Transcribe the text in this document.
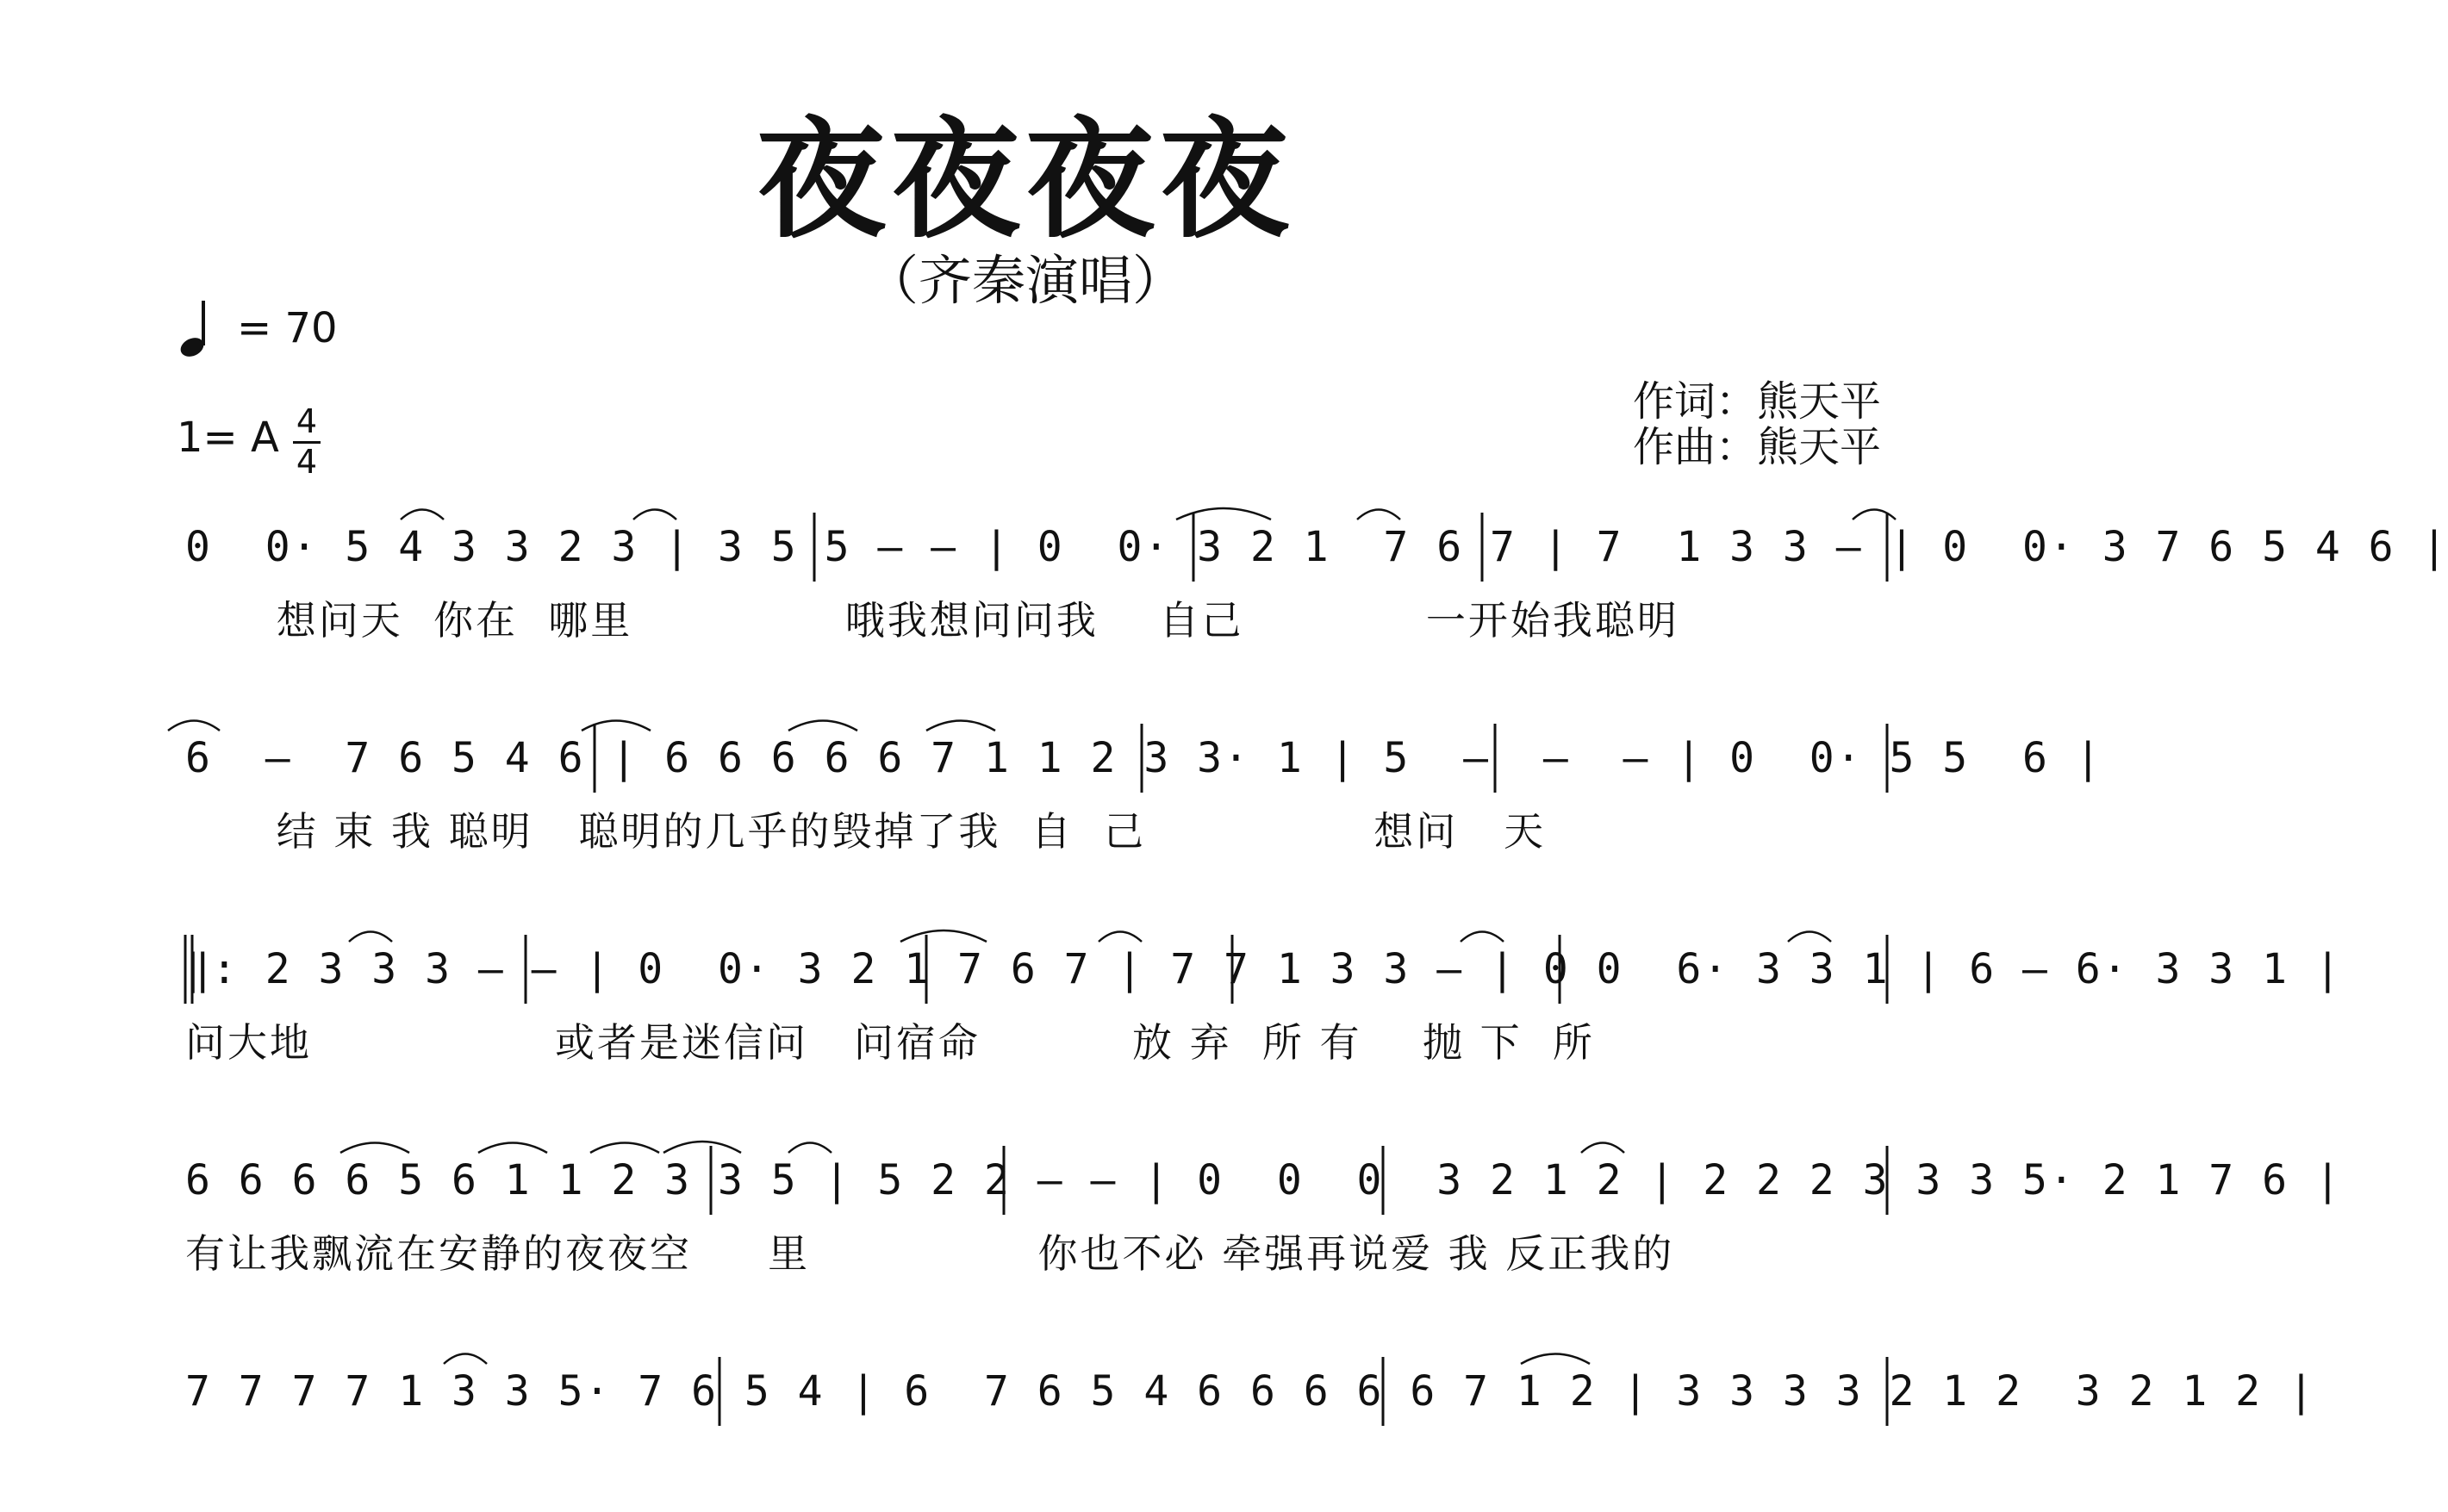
夜夜夜夜
（齐秦演唱）
= 70
1= A 4
4
作词：熊天平
作曲：熊天平
0  0· 5 4 3 3 2 3 | 3 5 5 – – | 0  0· 3 2 1  7 6 7 | 7  1 3 3 – | 0  0· 3 7 6 5 4 6 |
想问天  你在  哪里              哦我想问问我    自己            一开始我聪明
6  –  7 6 5 4 6 | 6 6 6 6 6 7 1 1 2 3 3· 1 | 5  –  –  – | 0  0· 5 5  6 |
结 束 我 聪明   聪明的几乎的毁掉了我  自  己               想问   天
‖: 2 3 3 3 – – | 0  0· 3 2 1 7 6 7 | 7 7 1 3 3 – | 0 0  6· 3 3 1 | 6 – 6· 3 3 1 |
问大地                或者是迷信问   问宿命          放 弃  所 有    抛 下  所
6 6 6 6 5 6 1 1 2 3 3 5 | 5 2 2 – – | 0  0  0  3 2 1 2 | 2 2 2 3 3 3 5· 2 1 7 6 |
有让我飘流在安静的夜夜空     里               你也不必 牵强再说爱 我 反正我的
7 7 7 7 1 3 3 5· 7 6 5 4 | 6  7 6 5 4 6 6 6 6 6 7 1 2 | 3 3 3 3 2 1 2  3 2 1 2 |
